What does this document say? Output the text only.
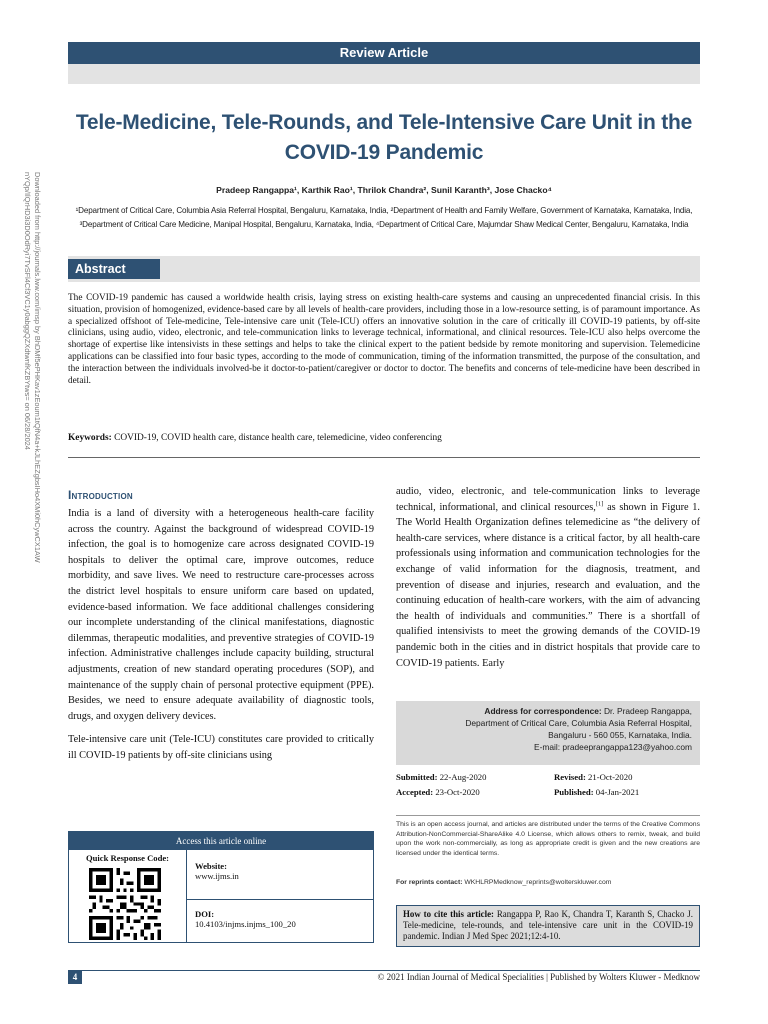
Review Article
Downloaded from http://journals.lww.com/imsp by BhDMf5ePHKav1zEoum1tQfN4a+kJLhEZgbsIHo4XMi0hCywCX1AW nYQp/IlQrHD3i3D0OdRyi7TvSFl4Cf3VC1y0abggQZXdtwnfKZBYtws= on 06/28/2024
Tele-Medicine, Tele-Rounds, and Tele-Intensive Care Unit in the COVID-19 Pandemic
Pradeep Rangappa¹, Karthik Rao¹, Thrilok Chandra², Sunil Karanth³, Jose Chacko⁴
¹Department of Critical Care, Columbia Asia Referral Hospital, Bengaluru, Karnataka, India, ²Department of Health and Family Welfare, Government of Karnataka, Karnataka, India,
³Department of Critical Care Medicine, Manipal Hospital, Bengaluru, Karnataka, India, ⁴Department of Critical Care, Majumdar Shaw Medical Center, Bengaluru, Karnataka, India
Abstract

The COVID-19 pandemic has caused a worldwide health crisis, laying stress on existing health-care systems and causing an unprecedented financial crisis. In this situation, provision of homogenized, evidence-based care by all levels of health-care providers, including those in a low-resource setting, is of paramount importance. As a specialized offshoot of Tele-medicine, Tele-intensive care unit (Tele-ICU) offers an innovative solution in the care of critically ill COVID-19 patients, by off-site clinicians, using audio, video, electronic, and tele-communication links to leverage technical, informational, and clinical resources. Tele-ICU also helps overcome the shortage of expertise like intensivists in these settings and helps to take the clinical expert to the patient bedside by remote monitoring and supervision. Telemedicine applications can be classified into four basic types, according to the mode of communication, timing of the information transmitted, the purpose of the consultation, and the interaction between the individuals involved-be it doctor-to-patient/caregiver or doctor to doctor. The benefits and concerns of tele-medicine have been described in detail.

Keywords: COVID-19, COVID health care, distance health care, telemedicine, video conferencing
Introduction

India is a land of diversity with a heterogeneous health-care facility across the country. Against the background of widespread COVID-19 infection, the goal is to homogenize care across designated COVID-19 hospitals to deliver the optimal care, improve outcomes, reduce morbidity, and save lives. We need to restructure care-processes across the district level hospitals to ensure uniform care based on updated, evidence-based information. We face additional challenges considering our incomplete understanding of the clinical manifestations, diagnostic dilemmas, therapeutic modalities, and preventive strategies of COVID-19 infection. Administrative challenges include capacity building, structural adjustments, creation of new standard operating procedures (SOP), and maintenance of the supply chain of personal protective equipment (PPE). Besides, we need to ensure adequate availability of diagnostic tools, drugs, and oxygen delivery devices.

Tele-intensive care unit (Tele-ICU) constitutes care provided to critically ill COVID-19 patients by off-site clinicians using

audio, video, electronic, and tele-communication links to leverage technical, informational, and clinical resources,[1] as shown in Figure 1. The World Health Organization defines telemedicine as “the delivery of health-care services, where distance is a critical factor, by all health-care professionals using information and communication technologies for the exchange of valid information for the diagnosis, treatment, and prevention of disease and injuries, research and evaluation, and the continuing education of health-care workers, with the aim of advancing the health of individuals and communities.” There is a shortfall of qualified intensivists to meet the growing demands of the COVID-19 pandemic both in the cities and in district hospitals that provide care to COVID-19 patients. Early

Access this article online
Quick Response Code:
Website:
www.ijms.in
DOI:
10.4103/injms.injms_100_20
Address for correspondence: Dr. Pradeep Rangappa,
Department of Critical Care, Columbia Asia Referral Hospital,
Bangaluru - 560 055, Karnataka, India.
E-mail: pradeeprangappa123@yahoo.com
Submitted: 22-Aug-2020	Revised: 21-Oct-2020
Accepted: 23-Oct-2020	Published: 04-Jan-2021

This is an open access journal, and articles are distributed under the terms of the Creative Commons Attribution-NonCommercial-ShareAlike 4.0 License, which allows others to remix, tweak, and build upon the work non-commercially, as long as appropriate credit is given and the new creations are licensed under the identical terms.

For reprints contact: WKHLRPMedknow_reprints@wolterskluwer.com
How to cite this article: Rangappa P, Rao K, Chandra T, Karanth S, Chacko J. Tele-medicine, tele-rounds, and tele-intensive care unit in the COVID-19 pandemic. Indian J Med Spec 2021;12:4-10.
4	© 2021 Indian Journal of Medical Specialities | Published by Wolters Kluwer - Medknow
